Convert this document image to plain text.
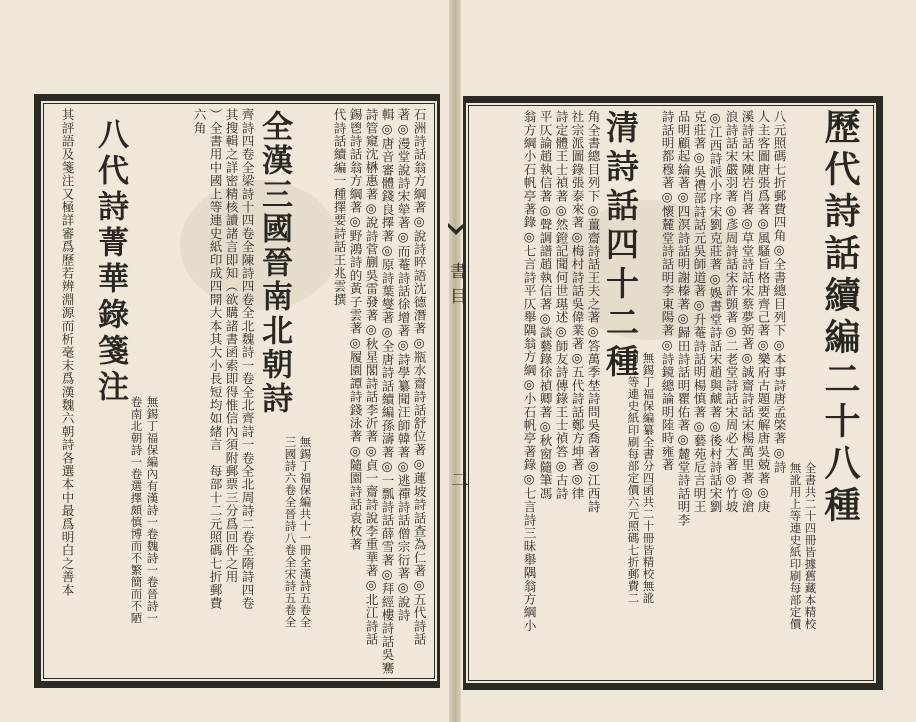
書目
二	歷代詩話續編二十八種
全書共二十四冊皆據舊藏本精校
無訛用上等連史紙印刷每部定價
八元照碼七折郵費四角◎全書總目列下◎本事詩唐孟棨著◎詩
人主客圖唐張爲著◎風騷旨格唐齊己著◎樂府古題要解唐吳兢著◎庚
溪詩話宋陳岩肖著◎草堂詩話宋蔡夢弼著◎誠齋詩話宋楊萬里著◎滄
浪詩話宋嚴羽著◎彥周詩話宋許顗著◎二老堂詩話宋周必大著◎竹坡
◎江西詩派小序宋劉克莊著◎娛書堂詩話宋趙與虤著◎後村詩話宋劉
克莊著◎吳禮部詩話元吳師道著◎升菴詩話明楊慎著◎藝苑卮言明王
品明顧起綸著◎四溟詩話明謝榛著◎歸田詩話明瞿佑著◎麓堂詩話明李
詩話明都穆著◎懷麓堂詩話明李東陽著◎詩鏡總論明陸時雍著
清詩話四十二種
無錫丁福保編纂全書分四函共二十冊皆精校無訛
用上等連史紙印刷每部定價六元照碼七折郵費二
角全書總目列下◎薑齋詩話王夫之著◎答萬季埜詩問吳喬著◎江西詩
社宗派圖錄張泰來著◎梅村詩話吳偉業著◎五代詩話鄭方坤著◎律
詩定體王士禎著◎然鐙記聞何世璂述◎師友詩傳錄王士禎答◎古詩
平仄論趙執信著◎聲調譜趙執信著◎談藝錄徐禎卿著◎秋窗隨筆馮
翁方綱小石帆亭著錄◎七言詩平仄舉隅翁方綱◎小石帆亭著錄◎七言詩三昧舉隅翁方綱小
石洲詩話翁方綱著◎說詩晬語沈德潛著◎瓶水齋詩話舒位著◎蓮坡詩話查為仁著◎五代詩話
著◎漫堂說詩宋犖著◎而菴詩話徐增著◎詩學纂聞汪師韓著◎逃禪詩話僧宗衍著◎說詩
輯◎唐音審體錢良擇著◎原詩葉燮著◎全唐詩話續編孫濤著◎一瓢詩話薛雪著◎拜經樓詩話吳騫
詩管窺沈楙惠著◎說詩菅蒯吳雷發著◎秋星閣詩話李沂著◎貞一齋詩說李重華著◎北江詩話
錫鬯詩話翁方綱著◎野鴻詩的黃子雲著◎履園譚詩錢泳著◎隨園詩話袁枚著
代詩話續編一種擇要詩話王兆雲撰
全漢三國晉南北朝詩
無錫丁福保編共十一冊全漢詩五卷全
三國詩六卷全晉詩八卷全宋詩五卷全
齊詩四卷全梁詩十四卷全陳詩四卷全北魏詩一卷全北齊詩一卷全北周詩二卷全隋詩四卷
其搜輯之詳密精核讀諸言即知（欲購諸書函索即得惟信內須附郵票三分爲回件之用
）全書用中國上等連史紙印成四開大本其大小長短均如緒言　每部十二元照碼七折郵費
六角
八代詩菁華錄箋注
無錫丁福保編內有漢詩一卷魏詩一卷晉詩一
卷南北朝詩一卷選擇頗慎博而不繁簡而不陋
其評語及箋注又極詳審爲歷若辨淵源而析毫末爲漢魏六朝詩各選本中最爲明白之善本
